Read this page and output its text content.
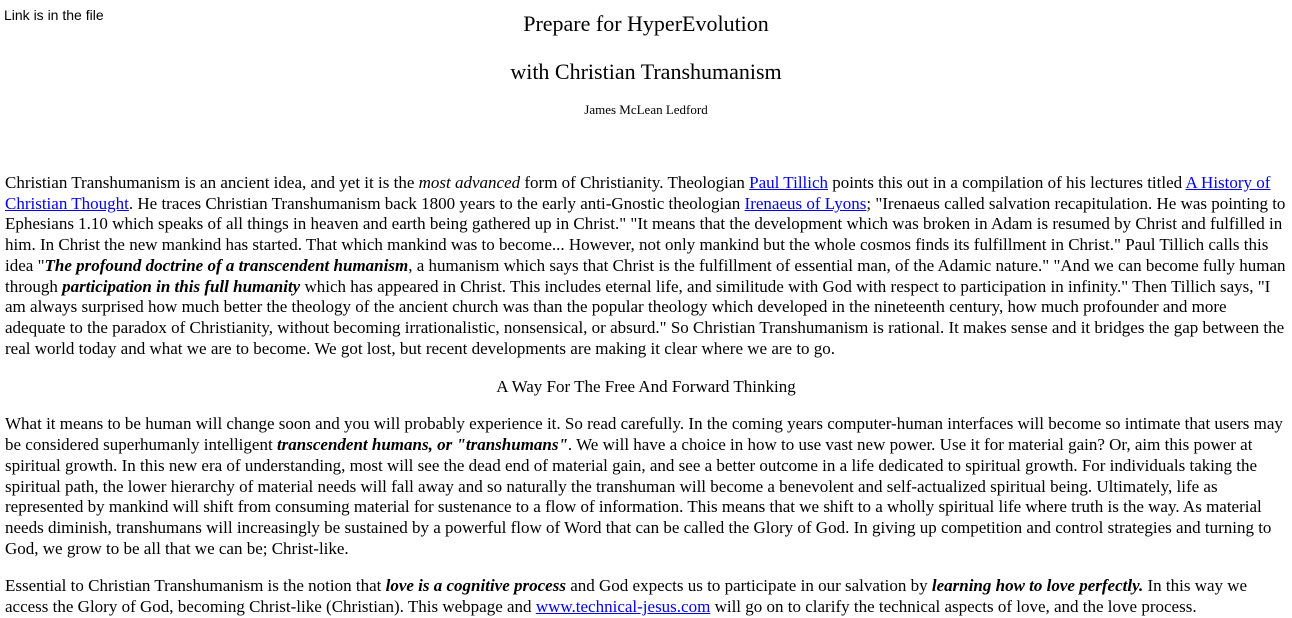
Link is in the file	Prepare for HyperEvolution
with Christian Transhumanism
James McLean Ledford

Christian Transhumanism is an ancient idea, and yet it is the most advanced form of Christianity. Theologian Paul Tillich points this out in a compilation of his lectures titled A History of Christian Thought. He traces Christian Transhumanism back 1800 years to the early anti-Gnostic theologian Irenaeus of Lyons; "Irenaeus called salvation recapitulation. He was pointing to Ephesians 1.10 which speaks of all things in heaven and earth being gathered up in Christ." "It means that the development which was broken in Adam is resumed by Christ and fulfilled in him. In Christ the new mankind has started. That which mankind was to become... However, not only mankind but the whole cosmos finds its fulfillment in Christ." Paul Tillich calls this idea "The profound doctrine of a transcendent humanism, a humanism which says that Christ is the fulfillment of essential man, of the Adamic nature." "And we can become fully human through participation in this full humanity which has appeared in Christ. This includes eternal life, and similitude with God with respect to participation in infinity." Then Tillich says, "I am always surprised how much better the theology of the ancient church was than the popular theology which developed in the nineteenth century, how much profounder and more adequate to the paradox of Christianity, without becoming irrationalistic, nonsensical, or absurd." So Christian Transhumanism is rational. It makes sense and it bridges the gap between the real world today and what we are to become. We got lost, but recent developments are making it clear where we are to go.

A Way For The Free And Forward Thinking

What it means to be human will change soon and you will probably experience it. So read carefully. In the coming years computer-human interfaces will become so intimate that users may be considered superhumanly intelligent transcendent humans, or "transhumans". We will have a choice in how to use vast new power. Use it for material gain? Or, aim this power at spiritual growth. In this new era of understanding, most will see the dead end of material gain, and see a better outcome in a life dedicated to spiritual growth. For individuals taking the spiritual path, the lower hierarchy of material needs will fall away and so naturally the transhuman will become a benevolent and self-actualized spiritual being. Ultimately, life as represented by mankind will shift from consuming material for sustenance to a flow of information. This means that we shift to a wholly spiritual life where truth is the way. As material needs diminish, transhumans will increasingly be sustained by a powerful flow of Word that can be called the Glory of God. In giving up competition and control strategies and turning to God, we grow to be all that we can be; Christ-like.

Essential to Christian Transhumanism is the notion that love is a cognitive process and God expects us to participate in our salvation by learning how to love perfectly. In this way we access the Glory of God, becoming Christ-like (Christian). This webpage and www.technical-jesus.com will go on to clarify the technical aspects of love, and the love process.
